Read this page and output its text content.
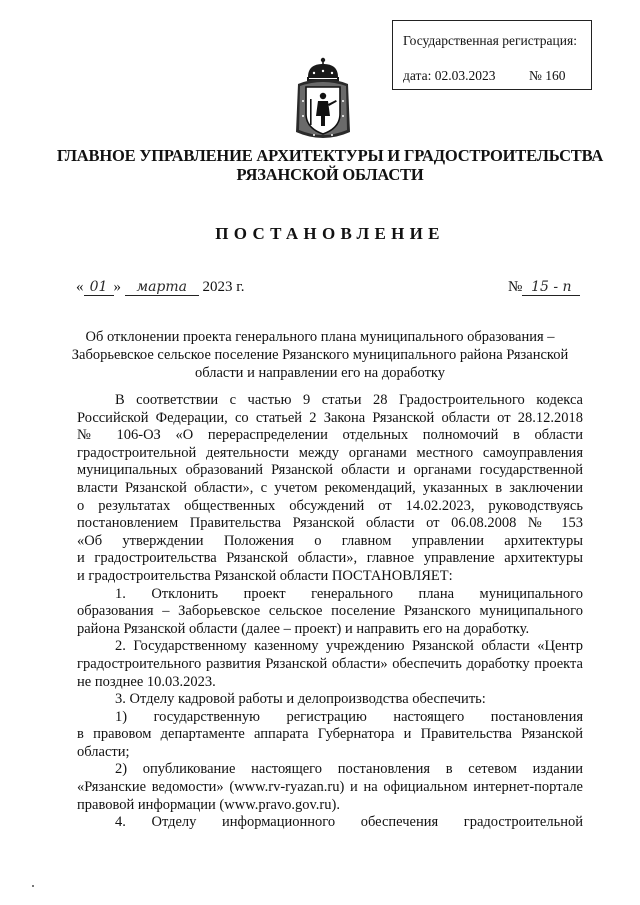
Государственная регистрация:
дата: 02.03.2023 № 160
ГЛАВНОЕ УПРАВЛЕНИЕ АРХИТЕКТУРЫ И ГРАДОСТРОИТЕЛЬСТВА
РЯЗАНСКОЙ ОБЛАСТИ
ПОСТАНОВЛЕНИЕ
« 01 » марта 2023 г.	№ 15 - п
Об отклонении проекта генерального плана муниципального образования –
Заборьевское сельское поселение Рязанского муниципального района Рязанской
области и направлении его на доработку

В соответствии с частью 9 статьи 28 Градостроительного кодекса

Российской Федерации, со статьей 2 Закона Рязанской области от 28.12.2018

№ 106-ОЗ «О перераспределении отдельных полномочий в области

градостроительной деятельности между органами местного самоуправления

муниципальных образований Рязанской области и органами государственной

власти Рязанской области», с учетом рекомендаций, указанных в заключении

о результатах общественных обсуждений от 14.02.2023, руководствуясь

постановлением Правительства Рязанской области от 06.08.2008 № 153

«Об утверждении Положения о главном управлении архитектуры

и градостроительства Рязанской области», главное управление архитектуры

и градостроительства Рязанской области ПОСТАНОВЛЯЕТ:

1. Отклонить проект генерального плана муниципального

образования – Заборьевское сельское поселение Рязанского муниципального

района Рязанской области (далее – проект) и направить его на доработку.

2. Государственному казенному учреждению Рязанской области «Центр

градостроительного развития Рязанской области» обеспечить доработку проекта

не позднее 10.03.2023.

3. Отделу кадровой работы и делопроизводства обеспечить:

1) государственную регистрацию настоящего постановления

в правовом департаменте аппарата Губернатора и Правительства Рязанской

области;

2) опубликование настоящего постановления в сетевом издании

«Рязанские ведомости» (www.rv-ryazan.ru) и на официальном интернет-портале

правовой информации (www.pravo.gov.ru).

4. Отделу информационного обеспечения градостроительной
